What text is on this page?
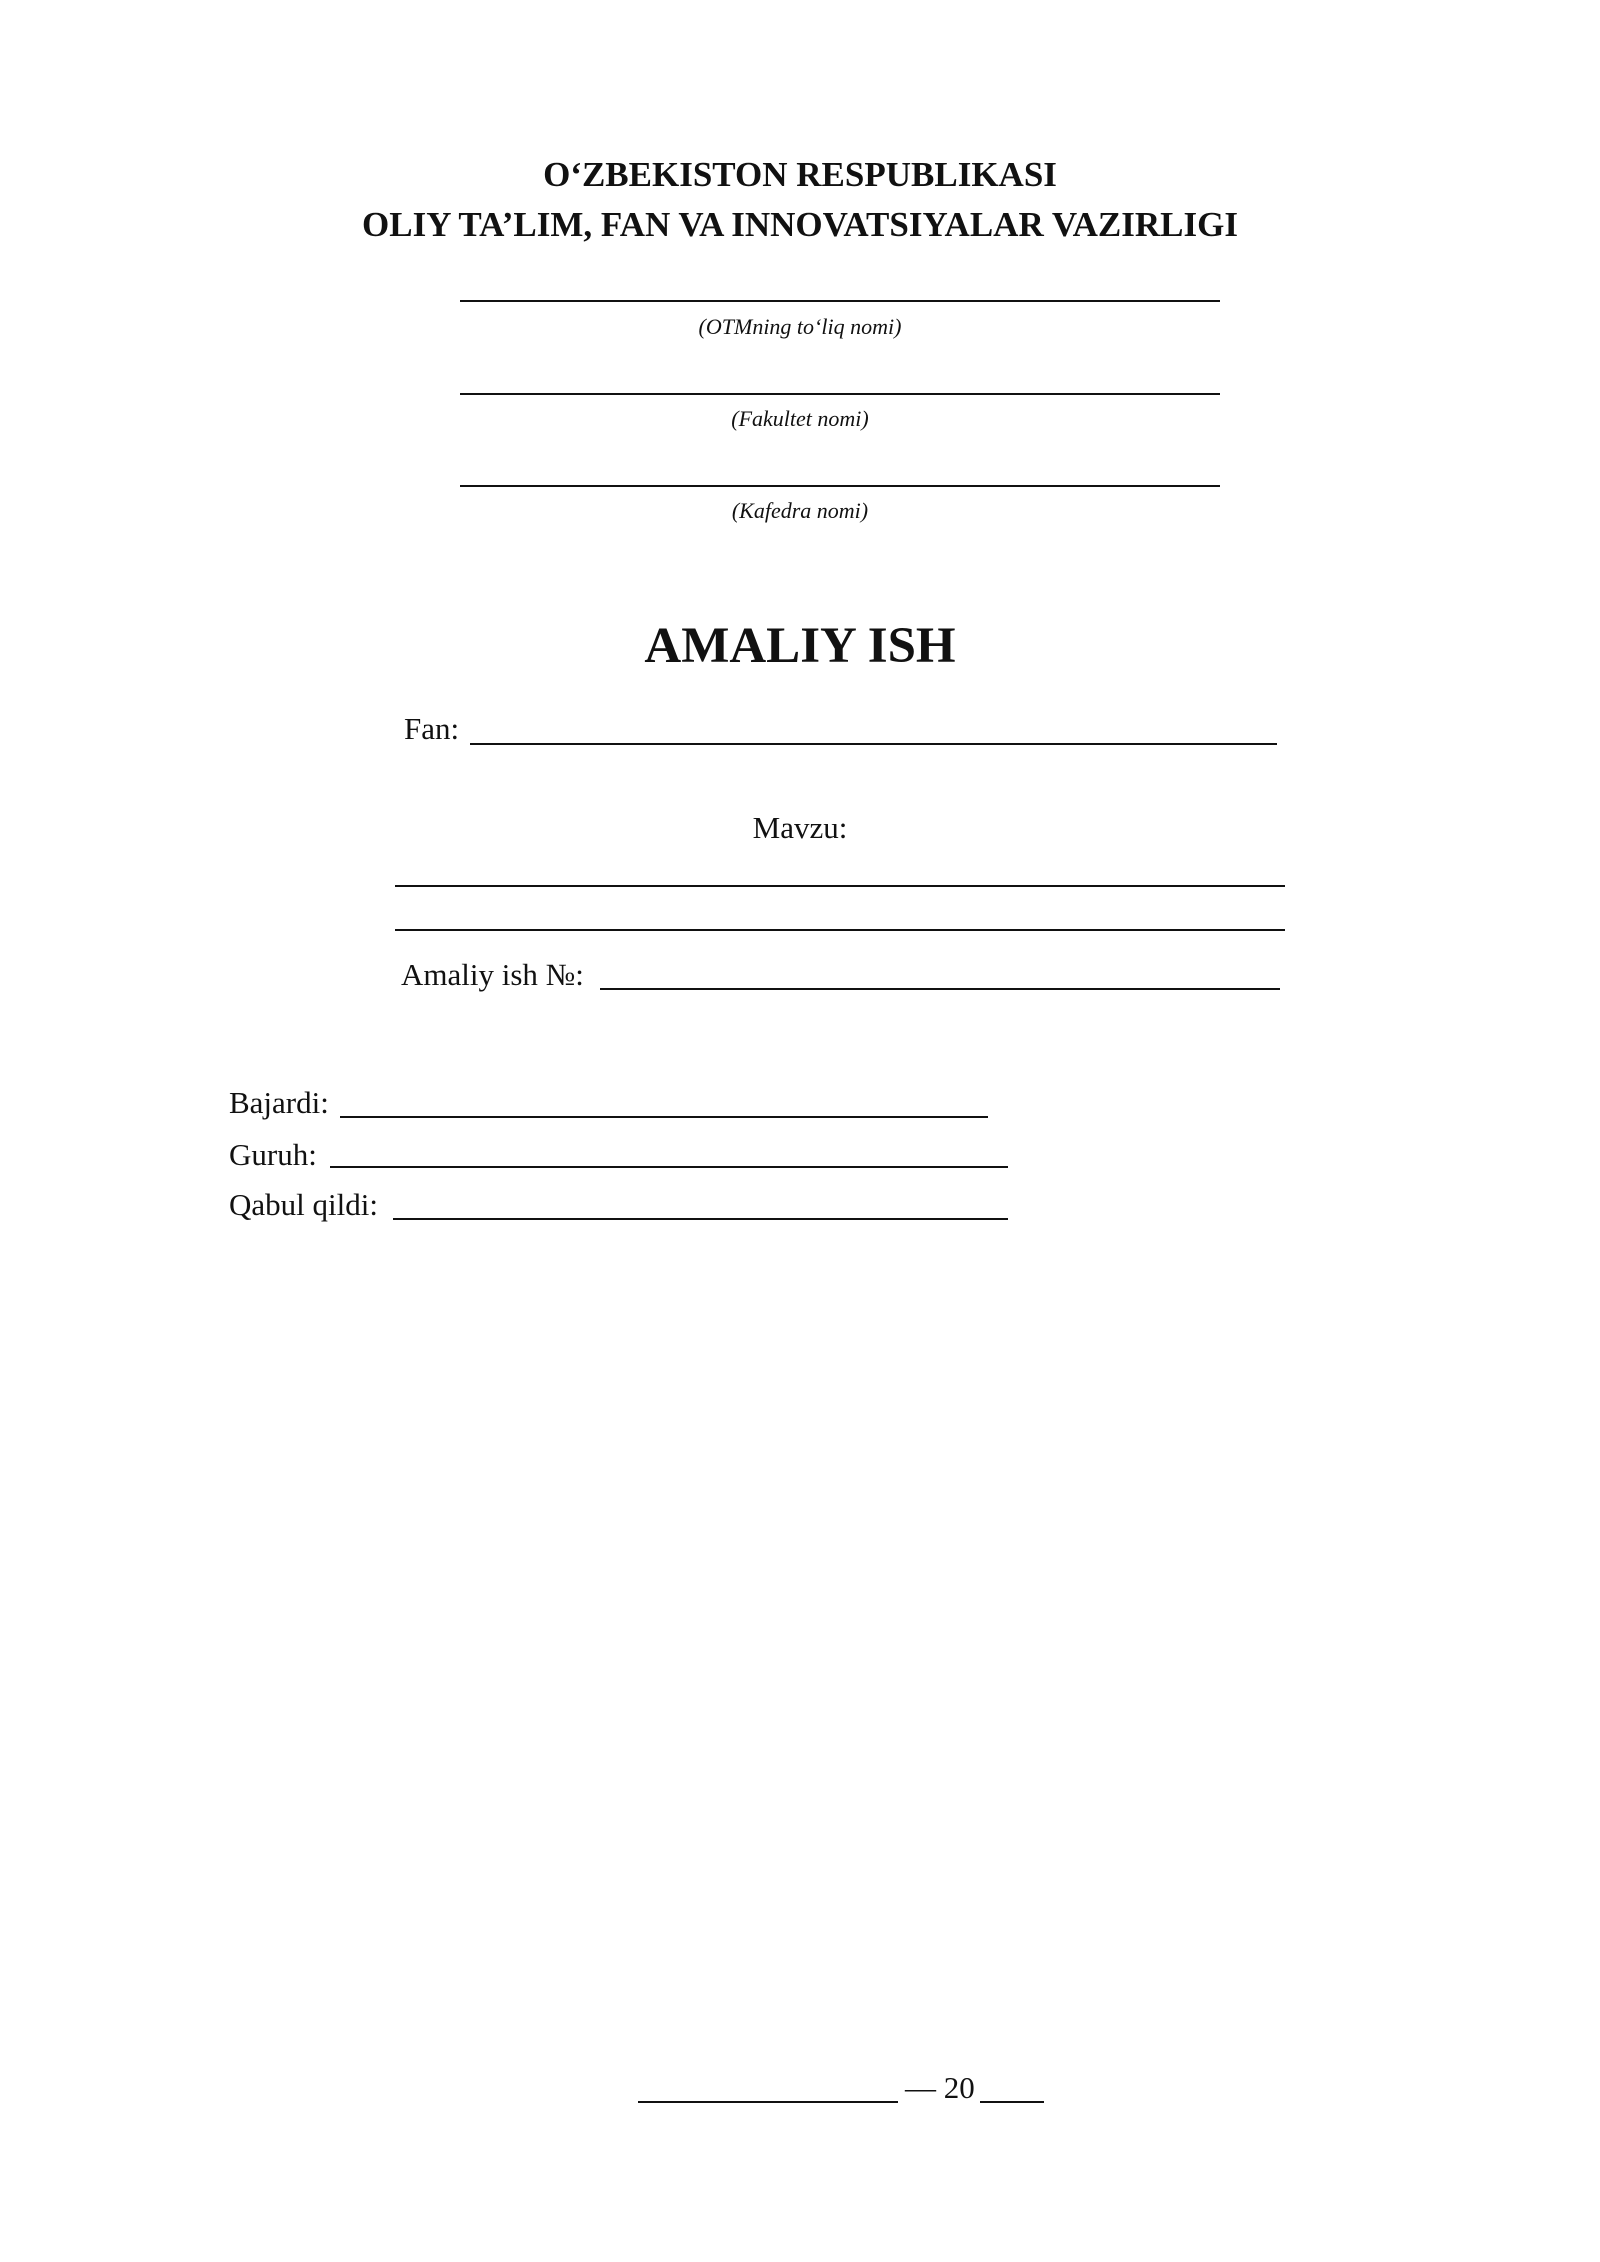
O‘ZBEKISTON RESPUBLIKASI
OLIY TA’LIM, FAN VA INNOVATSIYALAR VAZIRLIGI
(OTMning to‘liq nomi)
(Fakultet nomi)
(Kafedra nomi)
AMALIY ISH
Fan:
Mavzu:
Amaliy ish №:
Bajardi:
Guruh:
Qabul qildi:
— 20
